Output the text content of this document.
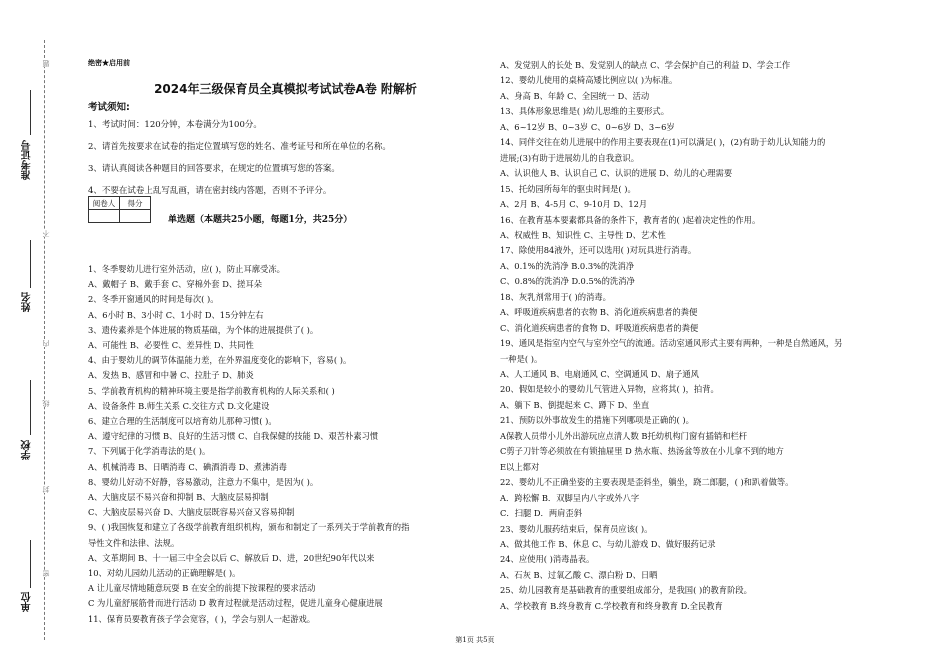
题
不
内
线
封
密
准考证号
姓名
学校
单位
绝密★启用前
2024年三级保育员全真模拟考试试卷A卷 附解析
考试须知:
1、考试时间：120分钟，本卷满分为100分。
2、请首先按要求在试卷的指定位置填写您的姓名、准考证号和所在单位的名称。
3、请认真阅读各种题目的回答要求，在规定的位置填写您的答案。
4、不要在试卷上乱写乱画，请在密封线内答题，否则不予评分。
阅卷人	得分

单选题（本题共25小题，每题1分，共25分）
1、冬季婴幼儿进行室外活动，应( )，防止耳廓受冻。
A、戴帽子 B、戴手套 C、穿棉外套 D、搓耳朵
2、冬季开窗通风的时间是每次( )。
A、6小时 B、3小时 C、1小时 D、15分钟左右
3、遗传素养是个体进展的物质基础，为个体的进展提供了( )。
A、可能性 B、必要性 C、差异性 D、共同性
4、由于婴幼儿的调节体温能力差，在外界温度变化的影响下，容易( )。
A、发热 B、感冒和中暑 C、拉肚子 D、肺炎
5、学前教育机构的精神环境主要是指学前教育机构的人际关系和( )
A、设备条件 B.师生关系 C.交往方式 D.文化建设
6、建立合理的生活制度可以培育幼儿那种习惯( )。
A、遵守纪律的习惯 B、良好的生活习惯 C、自我保健的技能 D、艰苦朴素习惯
7、下列属于化学消毒法的是( )。
A、机械消毒 B、日晒消毒 C、碘酒消毒 D、煮沸消毒
8、婴幼儿好动不好静，容易激动，注意力不集中，是因为( )。
A、大脑皮层不易兴奋和抑制 B、大脑皮层易抑制
C、大脑皮层易兴奋 D、大脑皮层既容易兴奋又容易抑制
9、( )我国恢复和建立了各级学前教育组织机构，颁布和制定了一系列关于学前教育的指
导性文件和法律、法规。
A、文革期间 B、十一届三中全会以后 C、解放后 D、进，20世纪90年代以来
10、对幼儿园幼儿活动的正确理解是( )。
A 让儿童尽情地随意玩耍 B 在安全的前提下按课程的要求活动
C 为儿童舒展筋骨而进行活动 D 教育过程就是活动过程，促进儿童身心健康进展
11、保育员要教育孩子学会宽容，( )，学会与别人一起游戏。
A、发觉别人的长处 B、发觉别人的缺点 C、学会保护自己的利益 D、学会工作
12、婴幼儿使用的桌椅高矮比例应以( )为标准。
A、身高 B、年龄 C、全园统一 D、活动
13、具体形象思维是( )幼儿思维的主要形式。
A、6~12岁 B、0~3岁 C、0~6岁 D、3~6岁
14、同伴交往在幼儿进展中的作用主要表现在(1)可以满足( )，(2)有助于幼儿认知能力的
进展;(3)有助于进展幼儿的自我意识。
A、认识他人 B、认识自己 C、认识的进展 D、幼儿的心理需要
15、托幼园所每年的驱虫时间是( )。
A、2月 B、4-5月 C、9-10月 D、12月
16、在教育基本要素都具备的条件下，教育者的( )起着决定性的作用。
A、权威性 B、知识性 C、主导性 D、艺术性
17、除使用84液外，还可以选用( )对玩具进行消毒。
A、0.1%的洗消净 B.0.3%的洗消净
C、0.8%的洗消净 D.0.5%的洗消净
18、灰乳剂常用于( )的消毒。
A、呼吸道疾病患者的衣物 B、消化道疾病患者的粪便
C、消化道疾病患者的食物 D、呼吸道疾病患者的粪便
19、通风是指室内空气与室外空气的流通。活动室通风形式主要有两种，一种是自然通风，另
一种是( )。
A、人工通风 B、电扇通风 C、空调通风 D、扇子通风
20、假如是较小的婴幼儿气管进入异物，应将其( )，拍背。
A、躺下 B、倒提起来 C、蹲下 D、坐直
21、预防以外事故发生的措施下列哪项是正确的( )。
A保教人员带小儿外出游玩应点清人数 B托幼机构门窗有插销和栏杆
C剪子刀针等必须放在有锁抽屉里 D 热水瓶、热汤盆等放在小儿拿不到的地方
E以上都对
22、婴幼儿不正确坐姿的主要表现是歪斜坐，躺坐，跷二郎腿，( )和趴着做等。
A．跨松懈 B．双脚呈内八字或外八字
C．扫腿 D．两肩歪斜
23、婴幼儿服药结束后，保育员应该( )。
A、做其他工作 B、休息 C、与幼儿游戏 D、做好服药记录
24、应使用( )消毒晶表。
A、石灰 B、过氧乙酸 C、漂白粉 D、日晒
25、幼儿园教育是基础教育的重要组成部分，是我国( )的教育阶段。
A、学校教育 B.终身教育 C.学校教育和终身教育 D.全民教育
第1页 共5页
